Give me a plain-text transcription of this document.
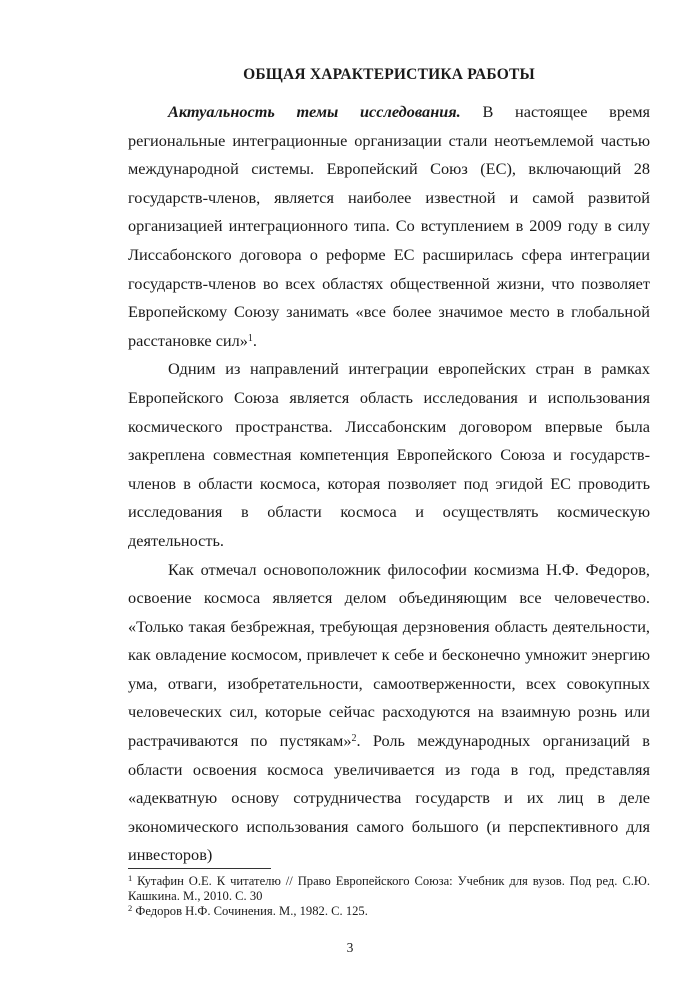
ОБЩАЯ ХАРАКТЕРИСТИКА РАБОТЫ

Актуальность темы исследования. В настоящее время региональные интеграционные организации стали неотъемлемой частью международной системы. Европейский Союз (ЕС), включающий 28 государств-членов, является наиболее известной и самой развитой организацией интеграционного типа. Со вступлением в 2009 году в силу Лиссабонского договора о реформе ЕС расширилась сфера интеграции государств-членов во всех областях общественной жизни, что позволяет Европейскому Союзу занимать «все более значимое место в глобальной расстановке сил»$^1$.

Одним из направлений интеграции европейских стран в рамках Европейского Союза является область исследования и использования космического пространства. Лиссабонским договором впервые была закреплена совместная компетенция Европейского Союза и государств-членов в области космоса, которая позволяет под эгидой ЕС проводить исследования в области космоса и осуществлять космическую деятельность.

Как отмечал основоположник философии космизма Н.Ф. Федоров, освоение космоса является делом объединяющим все человечество. «Только такая безбрежная, требующая дерзновения область деятельности, как овладение космосом, привлечет к себе и бесконечно умножит энергию ума, отваги, изобретательности, самоотверженности, всех совокупных человеческих сил, которые сейчас расходуются на взаимную рознь или растрачиваются по пустякам»$^2$. Роль международных организаций в области освоения космоса увеличивается из года в год, представляя «адекватную основу сотрудничества государств и их лиц в деле экономического использования самого большого (и перспективного для инвесторов)

$^1$ Кутафин О.Е. К читателю // Право Европейского Союза: Учебник для вузов. Под ред. С.Ю. Кашкина. М., 2010. С. 30

$^2$ Федоров Н.Ф. Сочинения. М., 1982. С. 125.

3
